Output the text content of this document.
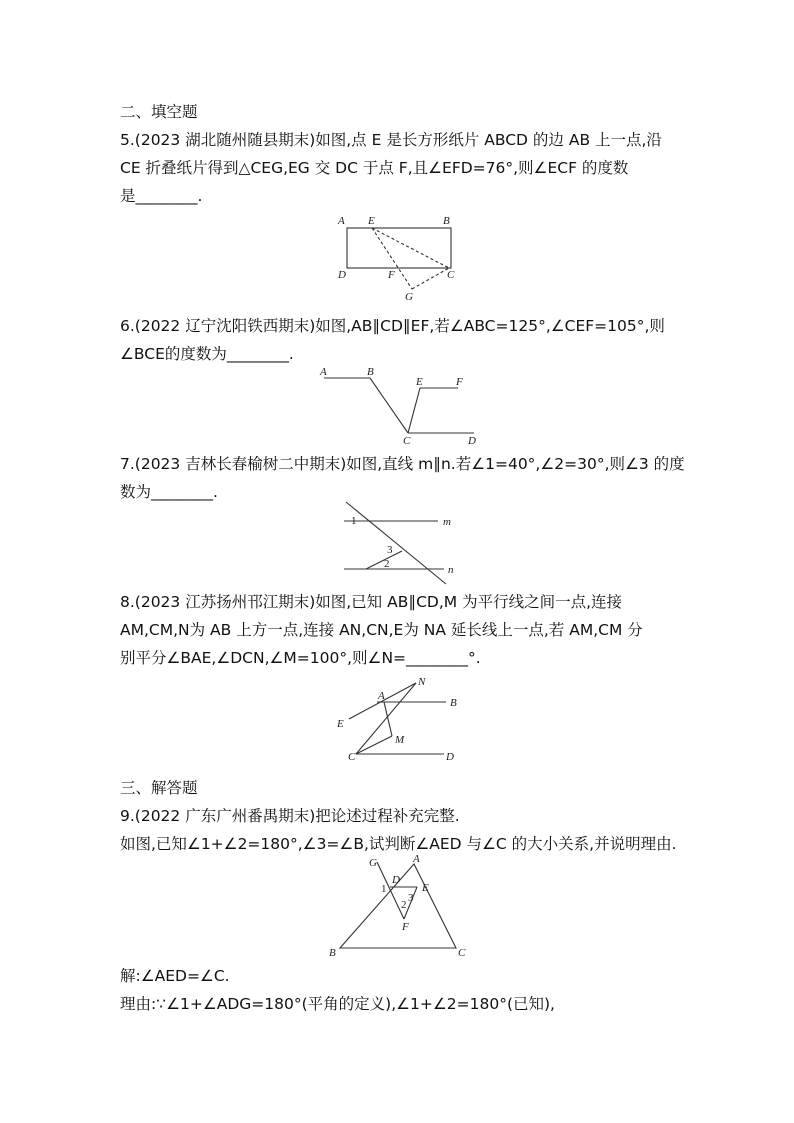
二、填空题
5.(2023 湖北随州随县期末)如图,点 E 是长方形纸片 ABCD 的边 AB 上一点,沿
CE 折叠纸片得到△CEG,EG 交 DC 于点 F,且∠EFD=76°,则∠ECF 的度数
是________.
A E	B
D	F	C
G
6.(2022 辽宁沈阳铁西期末)如图,AB∥CD∥EF,若∠ABC=125°,∠CEF=105°,则
∠BCE的度数为________.
A	B
E	F
C	D
7.(2023 吉林长春榆树二中期末)如图,直线 m∥n.若∠1=40°,∠2=30°,则∠3 的度
数为________.
1	m
3
2	n
8.(2023 江苏扬州邗江期末)如图,已知 AB∥CD,M 为平行线之间一点,连接
AM,CM,N为 AB 上方一点,连接 AN,CN,E为 NA 延长线上一点,若 AM,CM 分
别平分∠BAE,∠DCN,∠M=100°,则∠N=________°.
N
A
B
E
M
C	D
三、解答题
9.(2022 广东广州番禺期末)把论述过程补充完整.
如图,已知∠1+∠2=180°,∠3=∠B,试判断∠AED 与∠C 的大小关系,并说明理由.
G	A
1
D
E
3
2
F
B	C
解:∠AED=∠C.
理由:∵∠1+∠ADG=180°(平角的定义),∠1+∠2=180°(已知),
